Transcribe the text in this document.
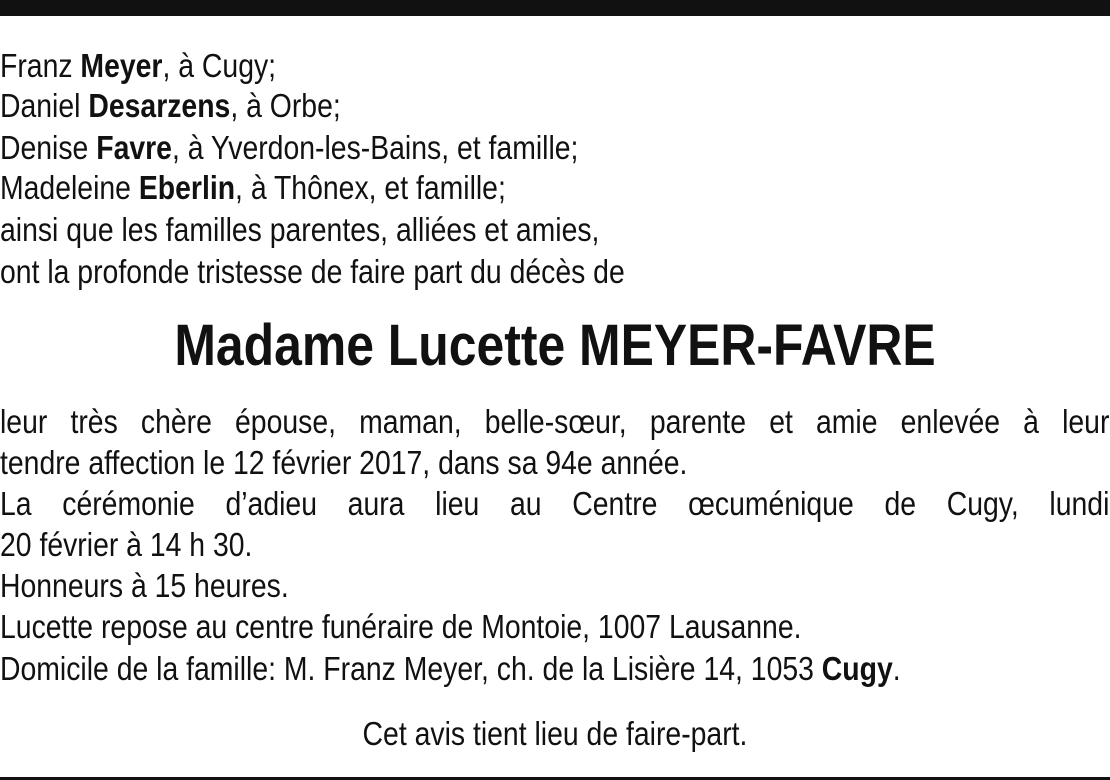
Franz Meyer, à Cugy;
Daniel Desarzens, à Orbe;
Denise Favre, à Yverdon-les-Bains, et famille;
Madeleine Eberlin, à Thônex, et famille;
ainsi que les familles parentes, alliées et amies,
ont la profonde tristesse de faire part du décès de
Madame Lucette MEYER-FAVRE
leur très chère épouse, maman, belle-sœur, parente et amie enlevée à leur
tendre affection le 12 février 2017, dans sa 94e année.
La cérémonie d’adieu aura lieu au Centre œcuménique de Cugy, lundi
20 février à 14 h 30.
Honneurs à 15 heures.
Lucette repose au centre funéraire de Montoie, 1007 Lausanne.
Domicile de la famille: M. Franz Meyer, ch. de la Lisière 14, 1053 Cugy.
Cet avis tient lieu de faire-part.
